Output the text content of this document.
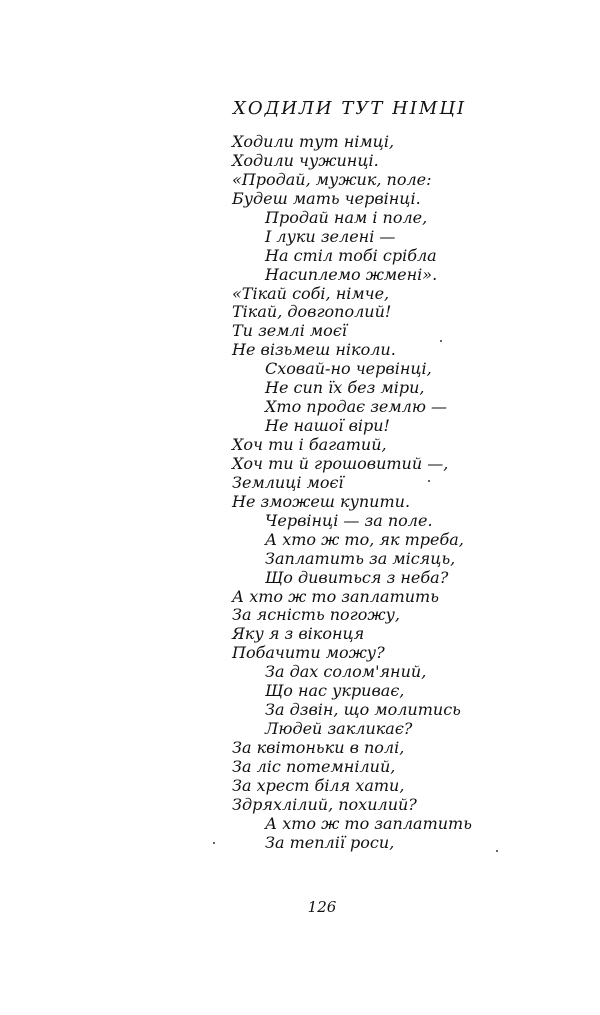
ХОДИЛИ ТУТ НІМЦІ
Ходили тут німці,
Ходили чужинці.
«Продай, мужик, поле:
Будеш мать червінці.
Продай нам і поле,
І луки зелені —
На стіл тобі срібла
Насиплемо жмені».
«Тікай собі, німче,
Тікай, довгополий!
Ти землі моєї
Не візьмеш ніколи.
Сховай-но червінці,
Не сип їх без міри,
Хто продає землю —
Не нашої віри!
Хоч ти і багатий,
Хоч ти й грошовитий —,
Землиці моєї
Не зможеш купити.
Червінці — за поле.
А хто ж то, як треба,
Заплатить за місяць,
Що дивиться з неба?
А хто ж то заплатить
За ясність погожу,
Яку я з віконця
Побачити можу?
За дах солом'яний,
Що нас укриває,
За дзвін, що молитись
Людей закликає?
За квітоньки в полі,
За ліс потемнілий,
За хрест біля хати,
Здряхлілий, похилий?
А хто ж то заплатить
За теплії роси,
126
